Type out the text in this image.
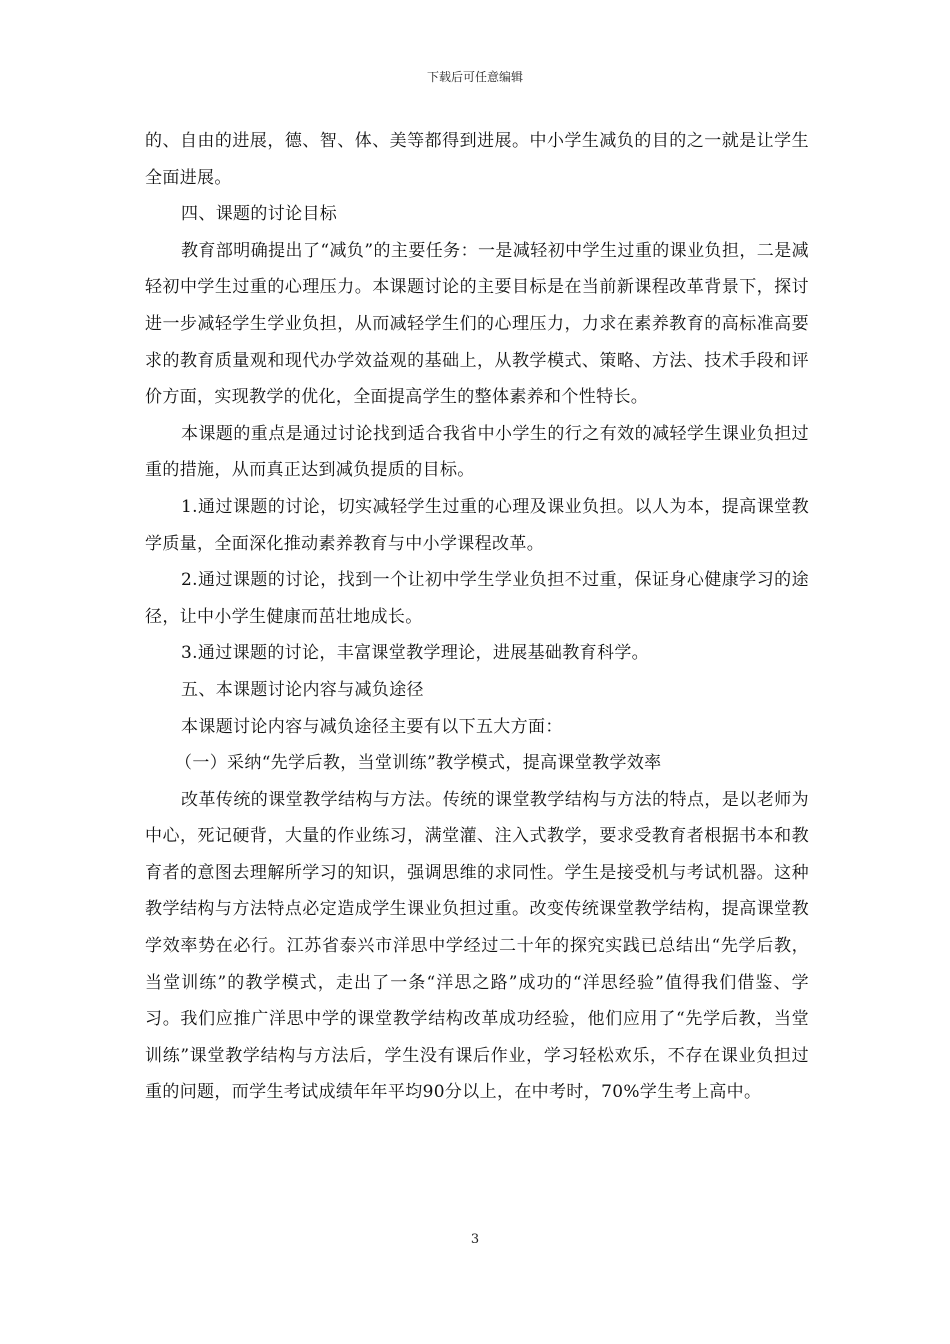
下载后可任意编辑

的、自由的进展，德、智、体、美等都得到进展。中小学生减负的目的之一就是让学生全面进展。

四、课题的讨论目标

教育部明确提出了“减负”的主要任务：一是减轻初中学生过重的课业负担，二是减轻初中学生过重的心理压力。本课题讨论的主要目标是在当前新课程改革背景下，探讨进一步减轻学生学业负担，从而减轻学生们的心理压力，力求在素养教育的高标准高要求的教育质量观和现代办学效益观的基础上，从教学模式、策略、方法、技术手段和评价方面，实现教学的优化，全面提高学生的整体素养和个性特长。

本课题的重点是通过讨论找到适合我省中小学生的行之有效的减轻学生课业负担过重的措施，从而真正达到减负提质的目标。

1.通过课题的讨论，切实减轻学生过重的心理及课业负担。以人为本，提高课堂教学质量，全面深化推动素养教育与中小学课程改革。

2.通过课题的讨论，找到一个让初中学生学业负担不过重，保证身心健康学习的途径，让中小学生健康而茁壮地成长。

3.通过课题的讨论，丰富课堂教学理论，进展基础教育科学。

五、本课题讨论内容与减负途径

本课题讨论内容与减负途径主要有以下五大方面：

（一）采纳“先学后教，当堂训练”教学模式，提高课堂教学效率

改革传统的课堂教学结构与方法。传统的课堂教学结构与方法的特点，是以老师为中心，死记硬背，大量的作业练习，满堂灌、注入式教学，要求受教育者根据书本和教育者的意图去理解所学习的知识，强调思维的求同性。学生是接受机与考试机器。这种教学结构与方法特点必定造成学生课业负担过重。改变传统课堂教学结构，提高课堂教学效率势在必行。江苏省泰兴市洋思中学经过二十年的探究实践已总结出“先学后教，当堂训练”的教学模式，走出了一条“洋思之路”成功的“洋思经验”值得我们借鉴、学习。我们应推广洋思中学的课堂教学结构改革成功经验，他们应用了“先学后教，当堂训练”课堂教学结构与方法后，学生没有课后作业，学习轻松欢乐，不存在课业负担过重的问题，而学生考试成绩年年平均90分以上，在中考时，70%学生考上高中。

3
